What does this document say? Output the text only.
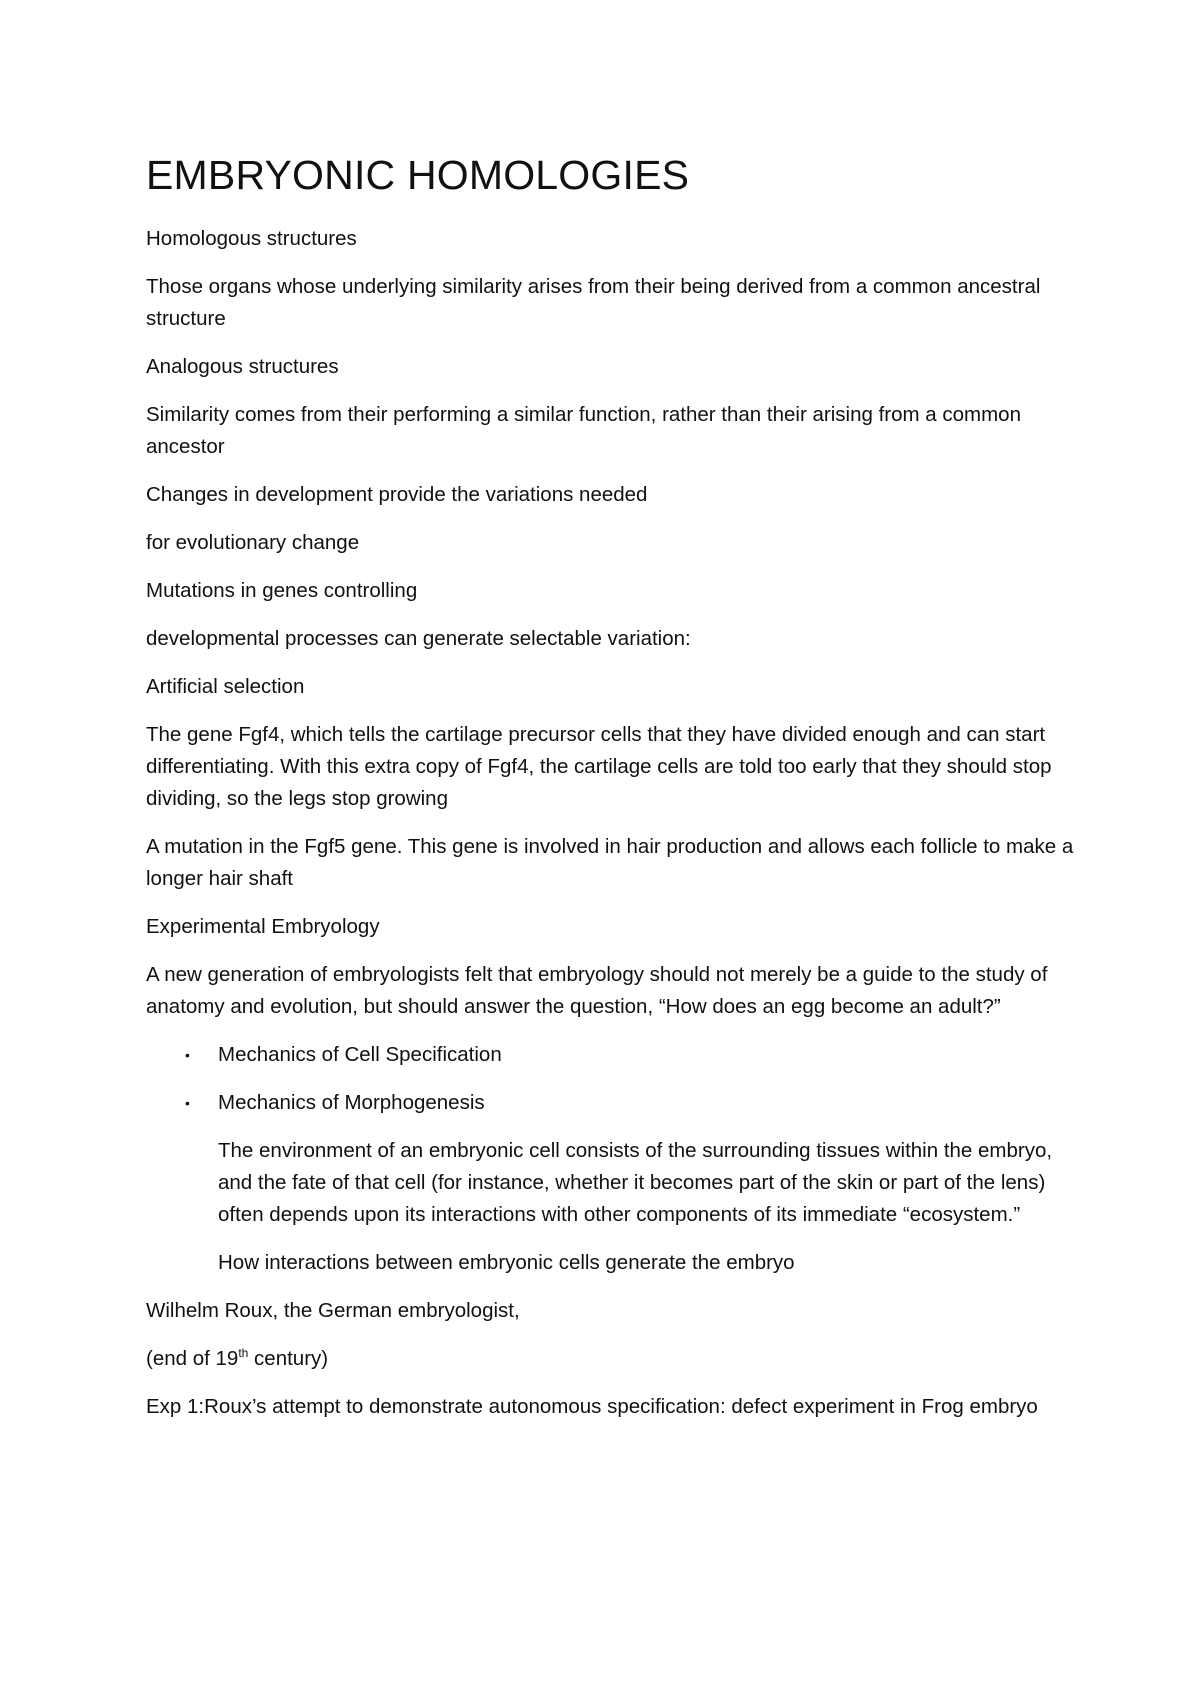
EMBRYONIC HOMOLOGIES

Homologous structures

Those organs whose underlying similarity arises from their being derived from a common ancestral structure

Analogous structures

Similarity comes from their performing a similar function, rather than their arising from a common ancestor

Changes in development provide the variations needed

for evolutionary change

Mutations in genes controlling

developmental processes can generate selectable variation:

Artificial selection

The gene Fgf4, which tells the cartilage precursor cells that they have divided enough and can start differentiating. With this extra copy of Fgf4, the cartilage cells are told too early that they should stop dividing, so the legs stop growing

A mutation in the Fgf5 gene. This gene is involved in hair production and allows each follicle to make a longer hair shaft

Experimental Embryology

A new generation of embryologists felt that embryology should not merely be a guide to the study of anatomy and evolution, but should answer the question, “How does an egg become an adult?”

• Mechanics of Cell Specification
• Mechanics of Morphogenesis

The environment of an embryonic cell consists of the surrounding tissues within the embryo, and the fate of that cell (for instance, whether it becomes part of the skin or part of the lens) often depends upon its interactions with other components of its immediate “ecosystem.”

How interactions between embryonic cells generate the embryo

Wilhelm Roux, the German embryologist,

(end of 19th century)

Exp 1:Roux’s attempt to demonstrate autonomous specification: defect experiment in Frog embryo
